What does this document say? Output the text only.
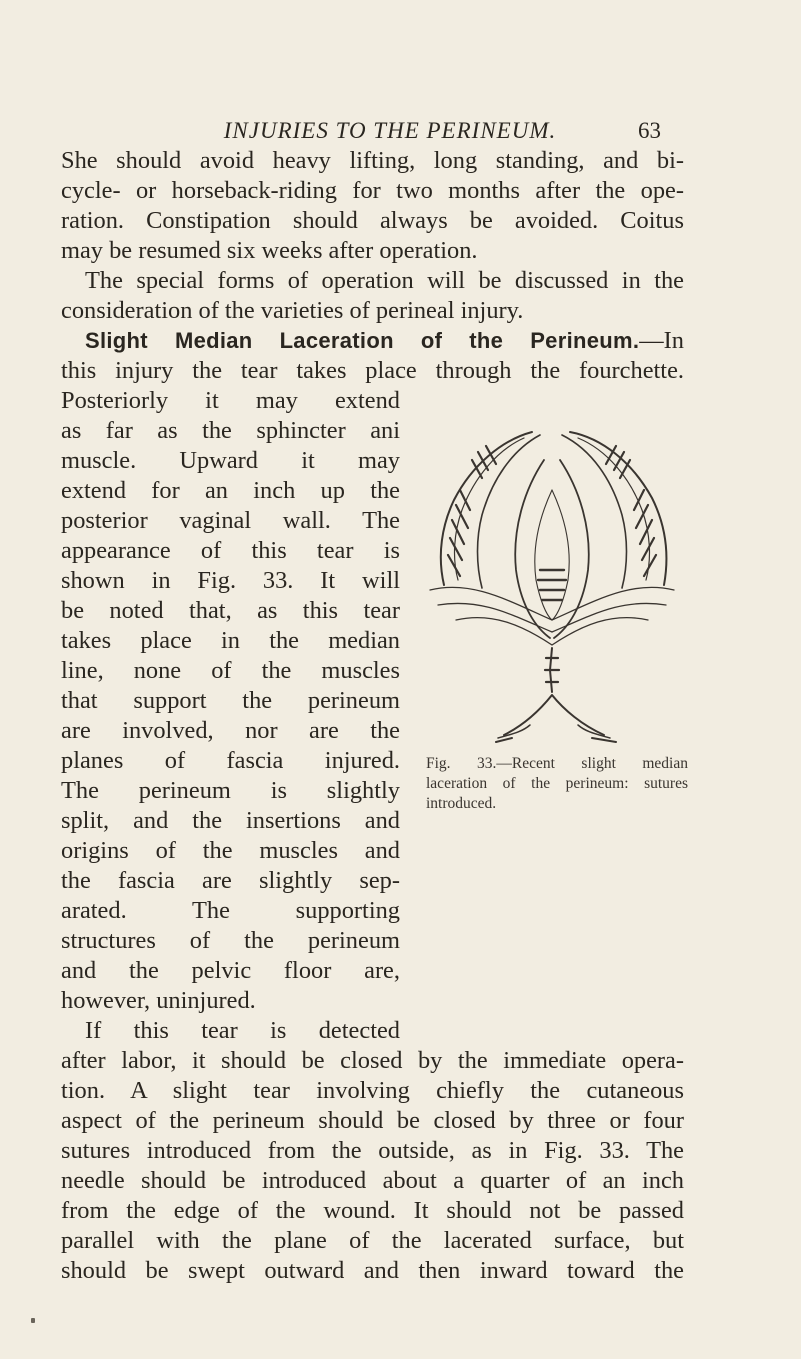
INJURIES TO THE PERINEUM.	63
She should avoid heavy lifting, long standing, and bi-
cycle- or horseback-riding for two months after the ope-
ration. Constipation should always be avoided. Coitus
may be resumed six weeks after operation.
The special forms of operation will be discussed in the
consideration of the varieties of perineal injury.
Slight Median Laceration of the Perineum.—In
this injury the tear takes place through the fourchette.
Posteriorly it may extend
as far as the sphincter ani
muscle. Upward it may
extend for an inch up the
posterior vaginal wall. The
appearance of this tear is
shown in Fig. 33. It will
be noted that, as this tear
takes place in the median
line, none of the muscles
that support the perineum
are involved, nor are the
planes of fascia injured.
The perineum is slightly
split, and the insertions and
origins of the muscles and
the fascia are slightly sep-
arated. The supporting
structures of the perineum
and the pelvic floor are,
however, uninjured.
If this tear is detected
after labor, it should be closed by the immediate opera-
tion. A slight tear involving chiefly the cutaneous
aspect of the perineum should be closed by three or four
sutures introduced from the outside, as in Fig. 33. The
needle should be introduced about a quarter of an inch
from the edge of the wound. It should not be passed
parallel with the plane of the lacerated surface, but
should be swept outward and then inward toward the
Fig. 33.—Recent slight median
laceration of the perineum: sutures
introduced.
